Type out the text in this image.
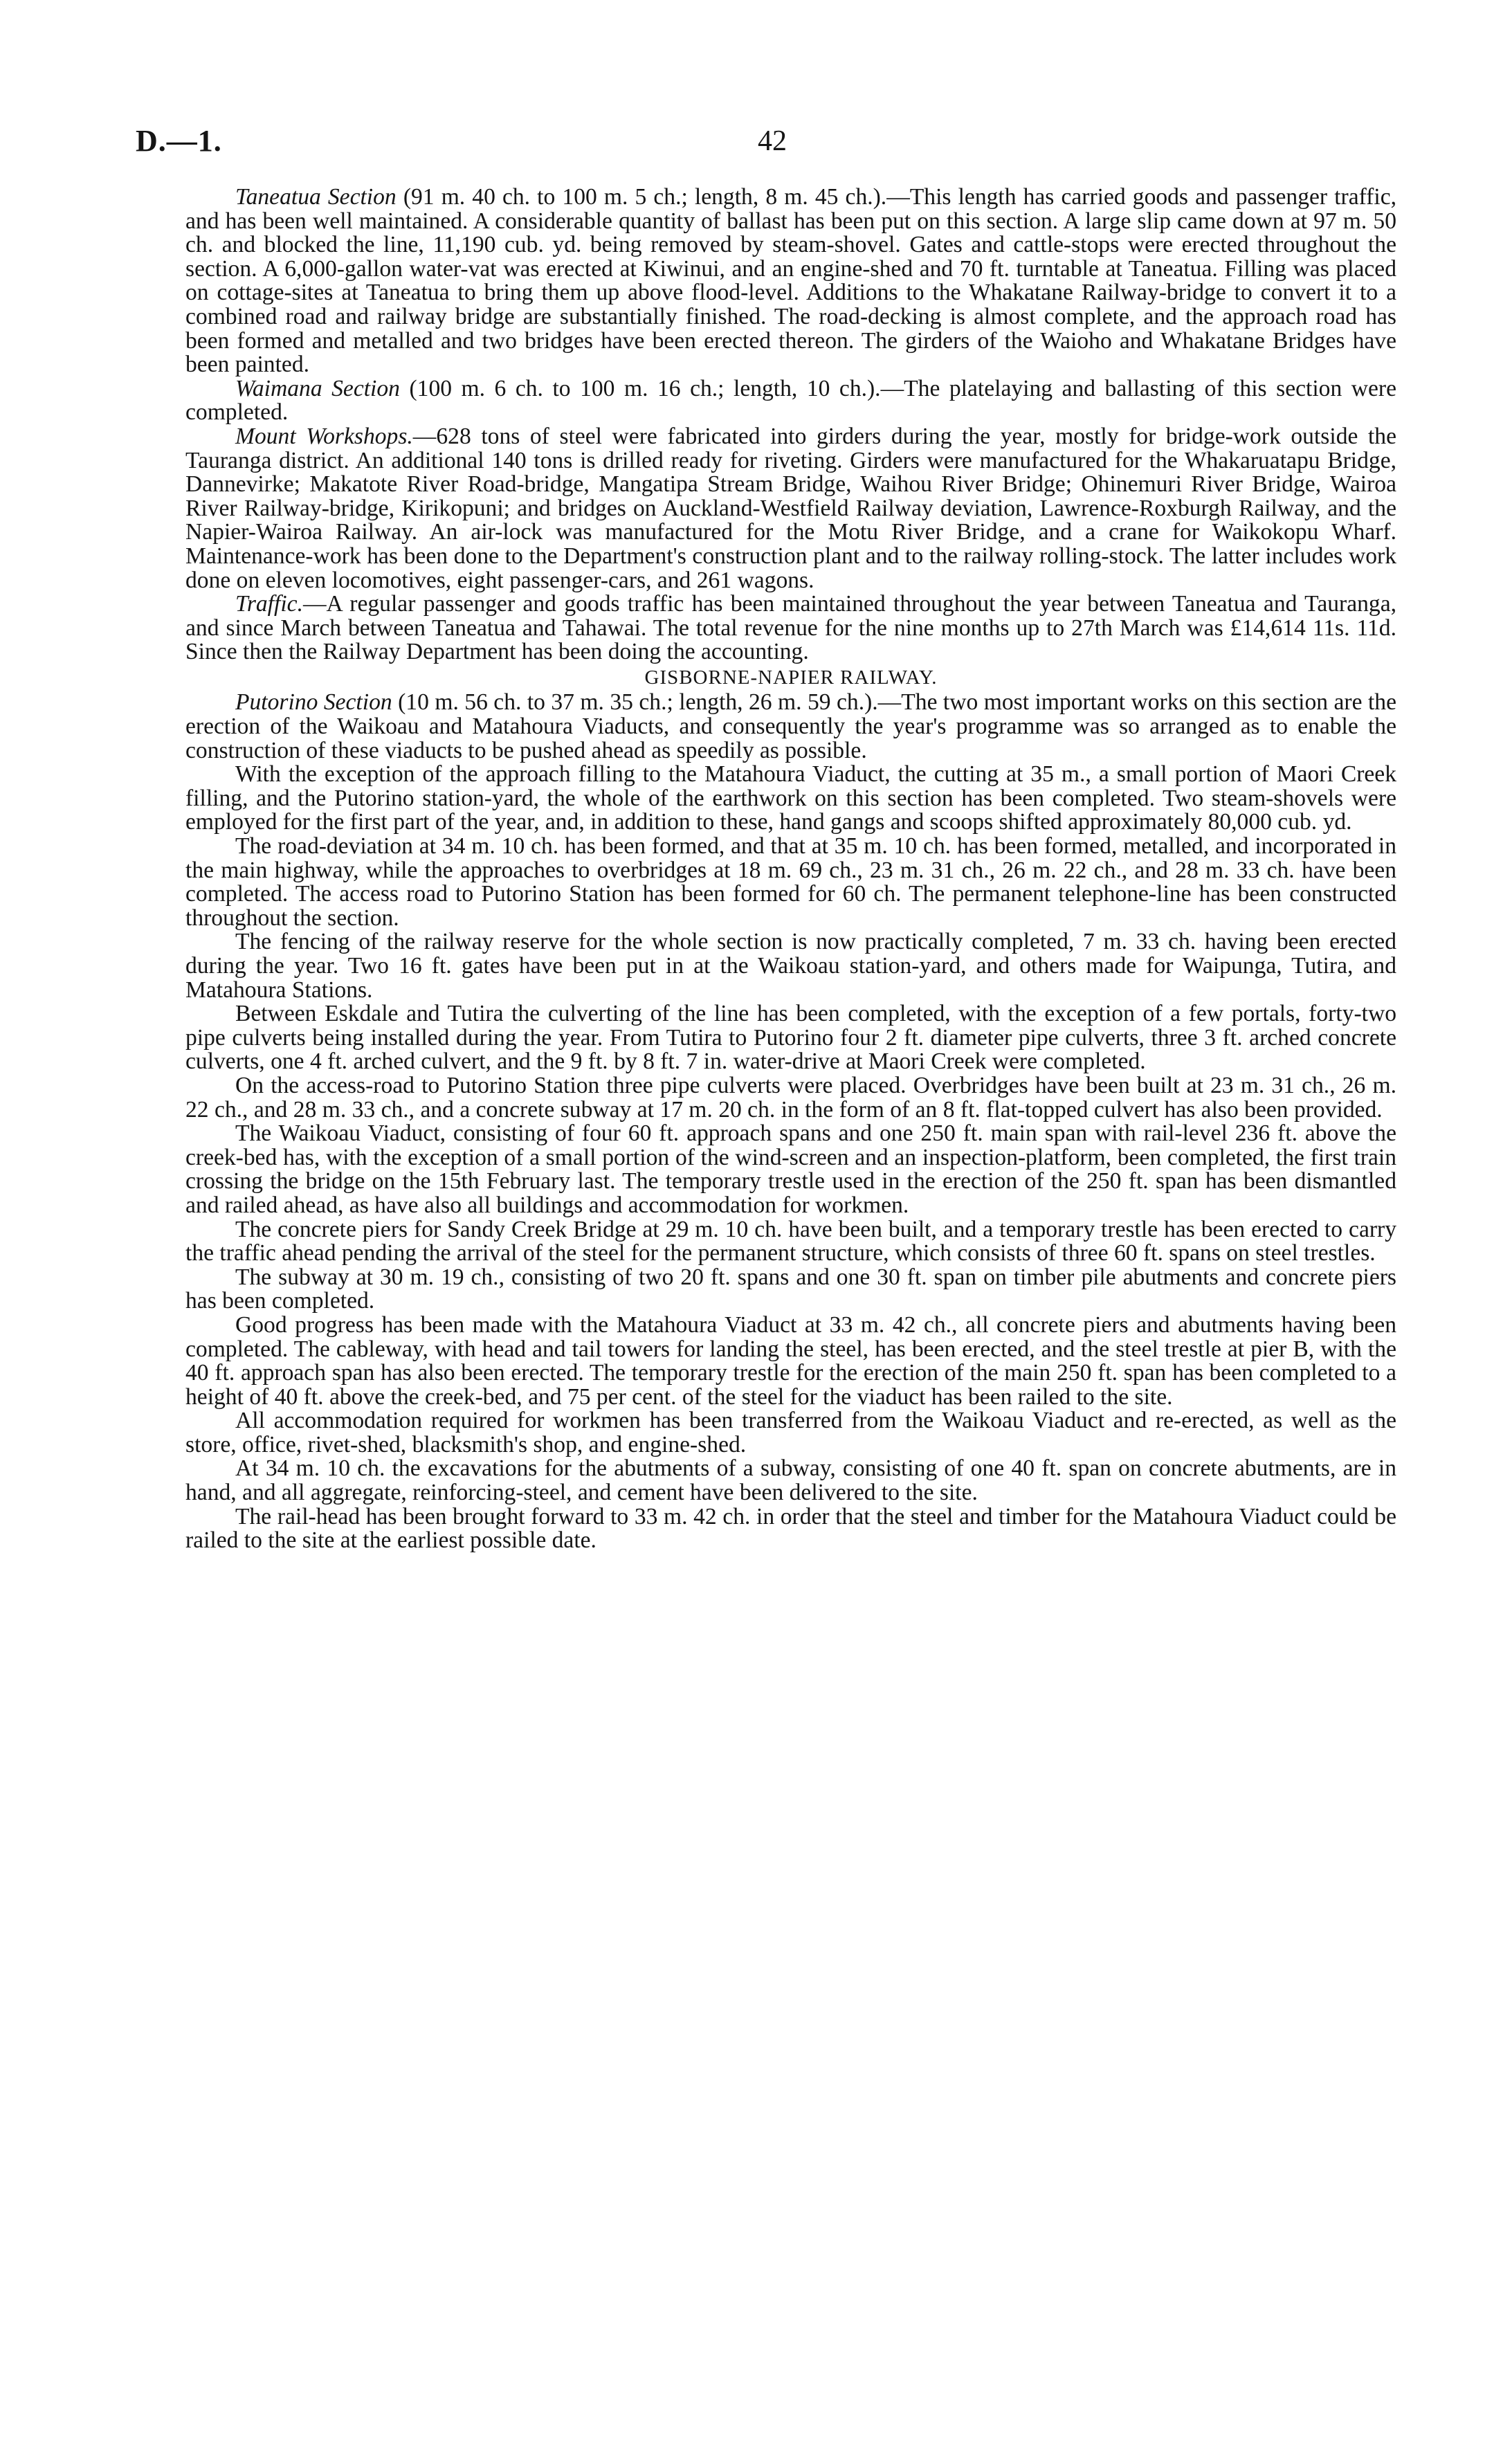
D.—1.	42

Taneatua Section (91 m. 40 ch. to 100 m. 5 ch.; length, 8 m. 45 ch.).—This length has carried goods and passenger traffic, and has been well maintained. A considerable quantity of ballast has been put on this section. A large slip came down at 97 m. 50 ch. and blocked the line, 11,190 cub. yd. being removed by steam-shovel. Gates and cattle-stops were erected throughout the section. A 6,000-gallon water-vat was erected at Kiwinui, and an engine-shed and 70 ft. turntable at Taneatua. Filling was placed on cottage-sites at Taneatua to bring them up above flood-level. Additions to the Whakatane Railway-bridge to convert it to a combined road and railway bridge are substantially finished. The road-decking is almost complete, and the approach road has been formed and metalled and two bridges have been erected thereon. The girders of the Waioho and Whakatane Bridges have been painted.

Waimana Section (100 m. 6 ch. to 100 m. 16 ch.; length, 10 ch.).—The platelaying and ballasting of this section were completed.

Mount Workshops.—628 tons of steel were fabricated into girders during the year, mostly for bridge-work outside the Tauranga district. An additional 140 tons is drilled ready for riveting. Girders were manufactured for the Whakaruatapu Bridge, Dannevirke; Makatote River Road-bridge, Mangatipa Stream Bridge, Waihou River Bridge; Ohinemuri River Bridge, Wairoa River Railway-bridge, Kirikopuni; and bridges on Auckland-Westfield Railway deviation, Lawrence-Roxburgh Railway, and the Napier-Wairoa Railway. An air-lock was manufactured for the Motu River Bridge, and a crane for Waikokopu Wharf. Maintenance-work has been done to the Department's construction plant and to the railway rolling-stock. The latter includes work done on eleven locomotives, eight passenger-cars, and 261 wagons.

Traffic.—A regular passenger and goods traffic has been maintained throughout the year between Taneatua and Tauranga, and since March between Taneatua and Tahawai. The total revenue for the nine months up to 27th March was £14,614 11s. 11d. Since then the Railway Department has been doing the accounting.

GISBORNE-NAPIER RAILWAY.

Putorino Section (10 m. 56 ch. to 37 m. 35 ch.; length, 26 m. 59 ch.).—The two most important works on this section are the erection of the Waikoau and Matahoura Viaducts, and consequently the year's programme was so arranged as to enable the construction of these viaducts to be pushed ahead as speedily as possible.

With the exception of the approach filling to the Matahoura Viaduct, the cutting at 35 m., a small portion of Maori Creek filling, and the Putorino station-yard, the whole of the earthwork on this section has been completed. Two steam-shovels were employed for the first part of the year, and, in addition to these, hand gangs and scoops shifted approximately 80,000 cub. yd.

The road-deviation at 34 m. 10 ch. has been formed, and that at 35 m. 10 ch. has been formed, metalled, and incorporated in the main highway, while the approaches to overbridges at 18 m. 69 ch., 23 m. 31 ch., 26 m. 22 ch., and 28 m. 33 ch. have been completed. The access road to Putorino Station has been formed for 60 ch. The permanent telephone-line has been constructed throughout the section.

The fencing of the railway reserve for the whole section is now practically completed, 7 m. 33 ch. having been erected during the year. Two 16 ft. gates have been put in at the Waikoau station-yard, and others made for Waipunga, Tutira, and Matahoura Stations.

Between Eskdale and Tutira the culverting of the line has been completed, with the exception of a few portals, forty-two pipe culverts being installed during the year. From Tutira to Putorino four 2 ft. diameter pipe culverts, three 3 ft. arched concrete culverts, one 4 ft. arched culvert, and the 9 ft. by 8 ft. 7 in. water-drive at Maori Creek were completed.

On the access-road to Putorino Station three pipe culverts were placed. Overbridges have been built at 23 m. 31 ch., 26 m. 22 ch., and 28 m. 33 ch., and a concrete subway at 17 m. 20 ch. in the form of an 8 ft. flat-topped culvert has also been provided.

The Waikoau Viaduct, consisting of four 60 ft. approach spans and one 250 ft. main span with rail-level 236 ft. above the creek-bed has, with the exception of a small portion of the wind-screen and an inspection-platform, been completed, the first train crossing the bridge on the 15th February last. The temporary trestle used in the erection of the 250 ft. span has been dismantled and railed ahead, as have also all buildings and accommodation for workmen.

The concrete piers for Sandy Creek Bridge at 29 m. 10 ch. have been built, and a temporary trestle has been erected to carry the traffic ahead pending the arrival of the steel for the permanent structure, which consists of three 60 ft. spans on steel trestles.

The subway at 30 m. 19 ch., consisting of two 20 ft. spans and one 30 ft. span on timber pile abutments and concrete piers has been completed.

Good progress has been made with the Matahoura Viaduct at 33 m. 42 ch., all concrete piers and abutments having been completed. The cableway, with head and tail towers for landing the steel, has been erected, and the steel trestle at pier B, with the 40 ft. approach span has also been erected. The temporary trestle for the erection of the main 250 ft. span has been completed to a height of 40 ft. above the creek-bed, and 75 per cent. of the steel for the viaduct has been railed to the site.

All accommodation required for workmen has been transferred from the Waikoau Viaduct and re-erected, as well as the store, office, rivet-shed, blacksmith's shop, and engine-shed.

At 34 m. 10 ch. the excavations for the abutments of a subway, consisting of one 40 ft. span on concrete abutments, are in hand, and all aggregate, reinforcing-steel, and cement have been delivered to the site.

The rail-head has been brought forward to 33 m. 42 ch. in order that the steel and timber for the Matahoura Viaduct could be railed to the site at the earliest possible date.
